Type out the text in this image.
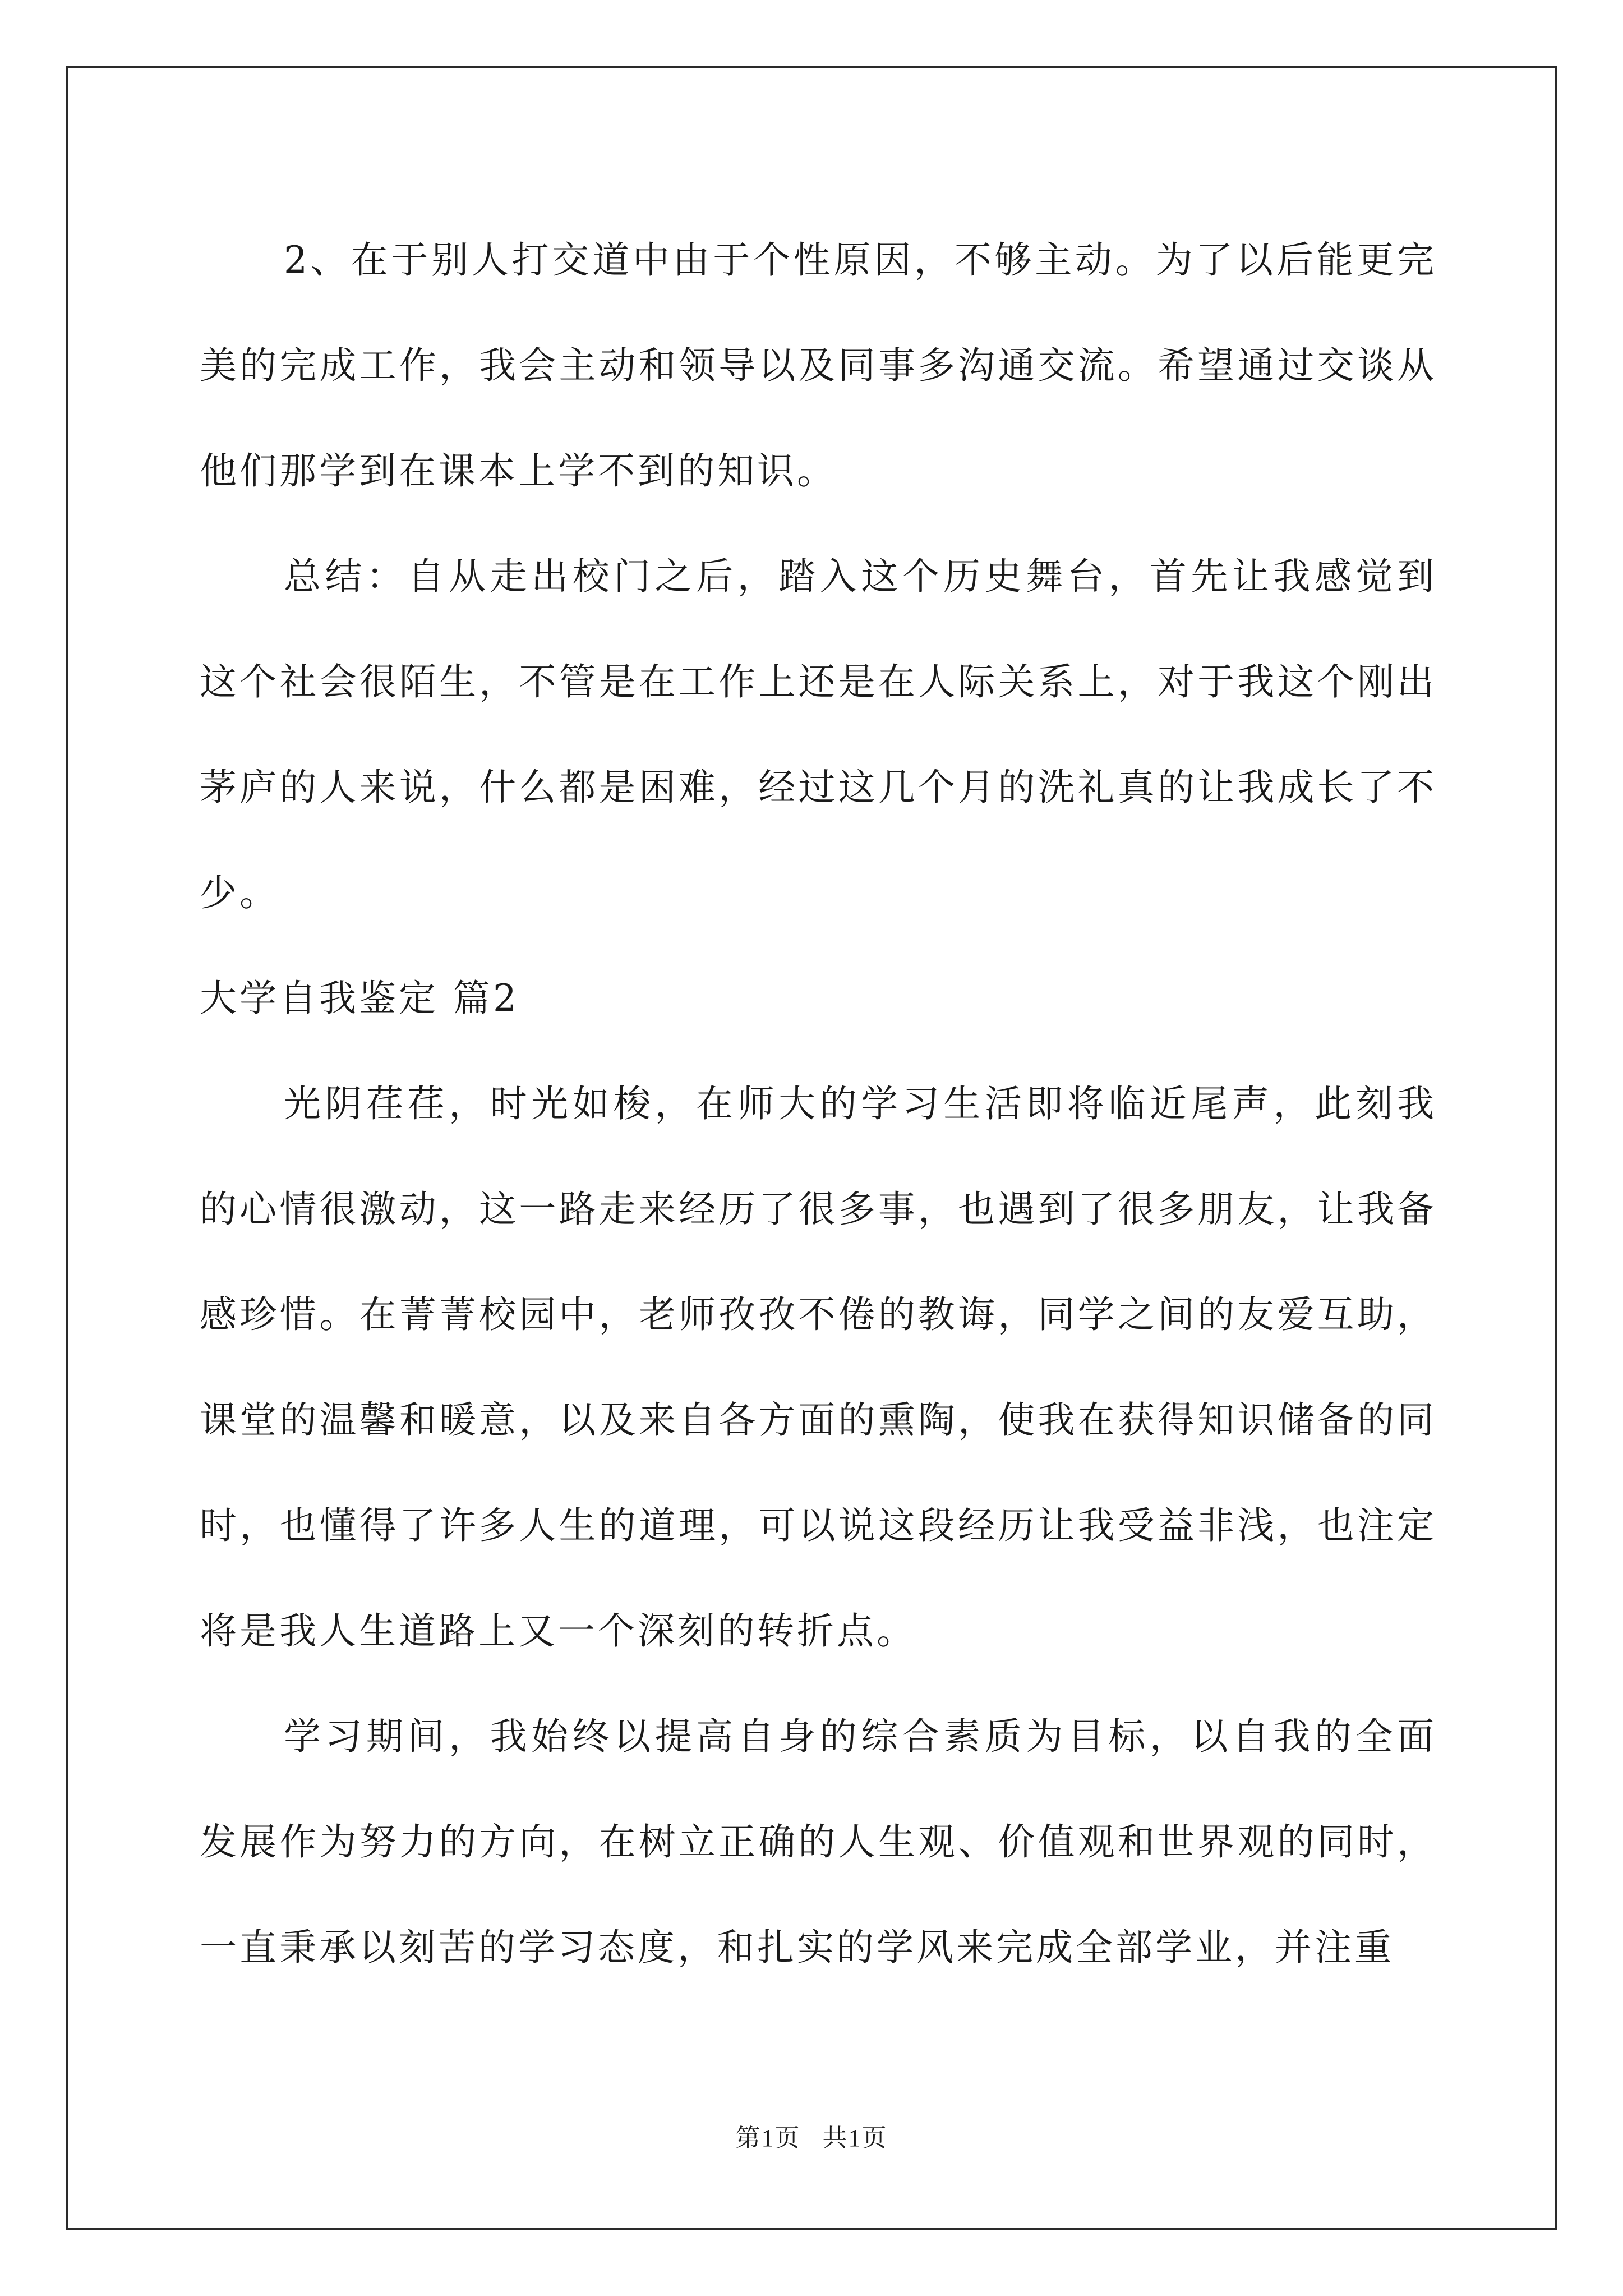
2、在于别人打交道中由于个性原因，不够主动。为了以后能更完美的完成工作，我会主动和领导以及同事多沟通交流。希望通过交谈从他们那学到在课本上学不到的知识。

总结：自从走出校门之后，踏入这个历史舞台，首先让我感觉到这个社会很陌生，不管是在工作上还是在人际关系上，对于我这个刚出茅庐的人来说，什么都是困难，经过这几个月的洗礼真的让我成长了不少。

大学自我鉴定 篇2

光阴荏荏，时光如梭，在师大的学习生活即将临近尾声，此刻我的心情很激动，这一路走来经历了很多事，也遇到了很多朋友，让我备感珍惜。在菁菁校园中，老师孜孜不倦的教诲，同学之间的友爱互助，课堂的温馨和暖意，以及来自各方面的熏陶，使我在获得知识储备的同时，也懂得了许多人生的道理，可以说这段经历让我受益非浅，也注定将是我人生道路上又一个深刻的转折点。

学习期间，我始终以提高自身的综合素质为目标，以自我的全面发展作为努力的方向，在树立正确的人生观、价值观和世界观的同时，一直秉承以刻苦的学习态度，和扎实的学风来完成全部学业，并注重

第1页   共1页
